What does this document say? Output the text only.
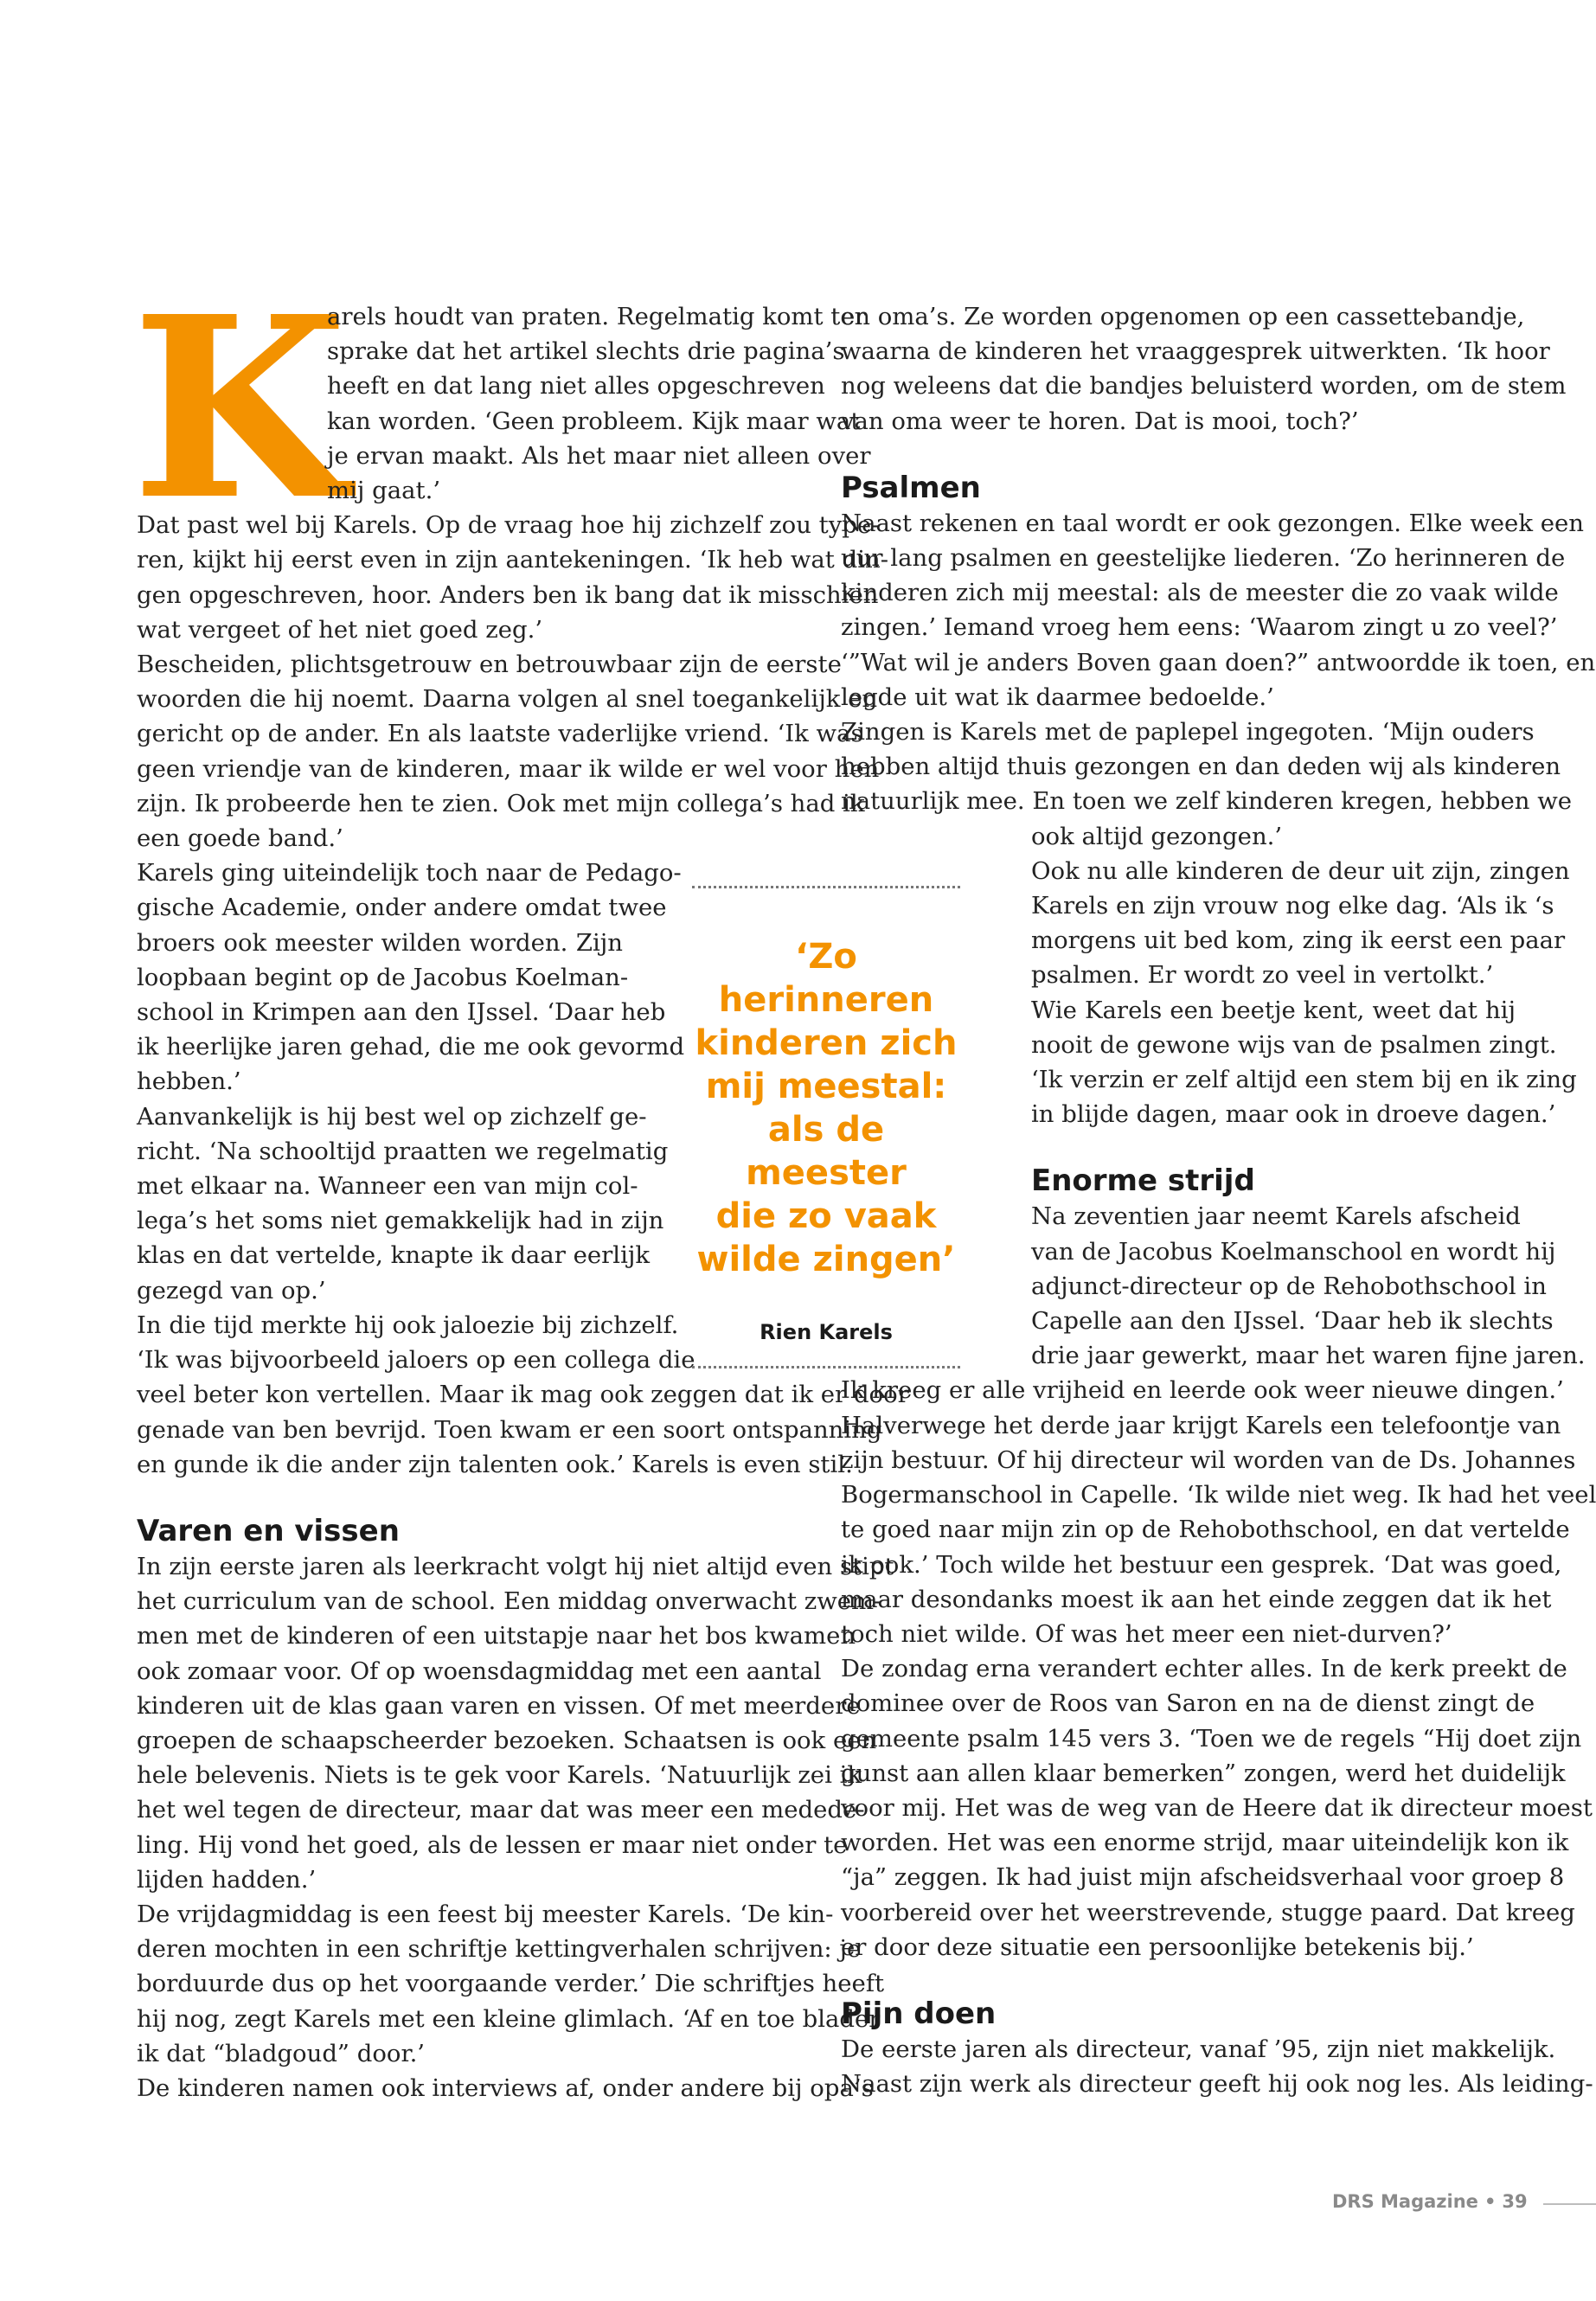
K

arels houdt van praten. Regelmatig komt ter
sprake dat het artikel slechts drie pagina’s
heeft en dat lang niet alles opgeschreven
kan worden. ‘Geen probleem. Kijk maar wat
je ervan maakt. Als het maar niet alleen over
mij gaat.’
Dat past wel bij Karels. Op de vraag hoe hij zichzelf zou type-
ren, kijkt hij eerst even in zijn aantekeningen. ‘Ik heb wat din-
gen opgeschreven, hoor. Anders ben ik bang dat ik misschien
wat vergeet of het niet goed zeg.’
Bescheiden, plichtsgetrouw en betrouwbaar zijn de eerste
woorden die hij noemt. Daarna volgen al snel toegankelijk en
gericht op de ander. En als laatste vaderlijke vriend. ‘Ik was
geen vriendje van de kinderen, maar ik wilde er wel voor hen
zijn. Ik probeerde hen te zien. Ook met mijn collega’s had ik
een goede band.’

Karels ging uiteindelijk toch naar de Pedago-
gische Academie, onder andere omdat twee
broers ook meester wilden worden. Zijn
loopbaan begint op de Jacobus Koelman-
school in Krimpen aan den IJssel. ‘Daar heb
ik heerlijke jaren gehad, die me ook gevormd
hebben.’
Aanvankelijk is hij best wel op zichzelf ge-
richt. ‘Na schooltijd praatten we regelmatig
met elkaar na. Wanneer een van mijn col-
lega’s het soms niet gemakkelijk had in zijn
klas en dat vertelde, knapte ik daar eerlijk
gezegd van op.’
In die tijd merkte hij ook jaloezie bij zichzelf.
‘Ik was bijvoorbeeld jaloers op een collega die

veel beter kon vertellen. Maar ik mag ook zeggen dat ik er door
genade van ben bevrijd. Toen kwam er een soort ontspanning
en gunde ik die ander zijn talenten ook.’ Karels is even stil.

Varen en vissen

In zijn eerste jaren als leerkracht volgt hij niet altijd even stipt
het curriculum van de school. Een middag onverwacht zwem-
men met de kinderen of een uitstapje naar het bos kwamen
ook zomaar voor. Of op woensdagmiddag met een aantal
kinderen uit de klas gaan varen en vissen. Of met meerdere
groepen de schaapscheerder bezoeken. Schaatsen is ook een
hele belevenis. Niets is te gek voor Karels. ‘Natuurlijk zei ik
het wel tegen de directeur, maar dat was meer een medede-
ling. Hij vond het goed, als de lessen er maar niet onder te
lijden hadden.’
De vrijdagmiddag is een feest bij meester Karels. ‘De kin-
deren mochten in een schriftje kettingverhalen schrijven: je
borduurde dus op het voorgaande verder.’ Die schriftjes heeft
hij nog, zegt Karels met een kleine glimlach. ‘Af en toe blader
ik dat “bladgoud” door.’
De kinderen namen ook interviews af, onder andere bij opa’s

‘Zo herinneren
kinderen zich
mij meestal:
als de meester
die zo vaak
wilde zingen’
Rien Karels

en oma’s. Ze worden opgenomen op een cassettebandje,
waarna de kinderen het vraaggesprek uitwerkten. ‘Ik hoor
nog weleens dat die bandjes beluisterd worden, om de stem
van oma weer te horen. Dat is mooi, toch?’

Psalmen

Naast rekenen en taal wordt er ook gezongen. Elke week een
uur lang psalmen en geestelijke liederen. ‘Zo herinneren de
kinderen zich mij meestal: als de meester die zo vaak wilde
zingen.’ Iemand vroeg hem eens: ‘Waarom zingt u zo veel?’
‘”Wat wil je anders Boven gaan doen?” antwoordde ik toen, en
legde uit wat ik daarmee bedoelde.’
Zingen is Karels met de paplepel ingegoten. ‘Mijn ouders
hebben altijd thuis gezongen en dan deden wij als kinderen
natuurlijk mee. En toen we zelf kinderen kregen, hebben we
ook altijd gezongen.’
Ook nu alle kinderen de deur uit zijn, zingen
Karels en zijn vrouw nog elke dag. ‘Als ik ‘s
morgens uit bed kom, zing ik eerst een paar
psalmen. Er wordt zo veel in vertolkt.’
Wie Karels een beetje kent, weet dat hij
nooit de gewone wijs van de psalmen zingt.
‘Ik verzin er zelf altijd een stem bij en ik zing
in blijde dagen, maar ook in droeve dagen.’

Enorme strijd

Na zeventien jaar neemt Karels afscheid
van de Jacobus Koelmanschool en wordt hij
adjunct-directeur op de Rehobothschool in
Capelle aan den IJssel. ‘Daar heb ik slechts
drie jaar gewerkt, maar het waren fijne jaren.
Ik kreeg er alle vrijheid en leerde ook weer nieuwe dingen.’
Halverwege het derde jaar krijgt Karels een telefoontje van
zijn bestuur. Of hij directeur wil worden van de Ds. Johannes
Bogermanschool in Capelle. ‘Ik wilde niet weg. Ik had het veel
te goed naar mijn zin op de Rehobothschool, en dat vertelde
ik ook.’ Toch wilde het bestuur een gesprek. ‘Dat was goed,
maar desondanks moest ik aan het einde zeggen dat ik het
toch niet wilde. Of was het meer een niet-durven?’
De zondag erna verandert echter alles. In de kerk preekt de
dominee over de Roos van Saron en na de dienst zingt de
gemeente psalm 145 vers 3. ‘Toen we de regels “Hij doet zijn
gunst aan allen klaar bemerken” zongen, werd het duidelijk
voor mij. Het was de weg van de Heere dat ik directeur moest
worden. Het was een enorme strijd, maar uiteindelijk kon ik
“ja” zeggen. Ik had juist mijn afscheidsverhaal voor groep 8
voorbereid over het weerstrevende, stugge paard. Dat kreeg
er door deze situatie een persoonlijke betekenis bij.’

Pijn doen

De eerste jaren als directeur, vanaf ’95, zijn niet makkelijk.
Naast zijn werk als directeur geeft hij ook nog les. Als leiding-

DRS Magazine • 39
